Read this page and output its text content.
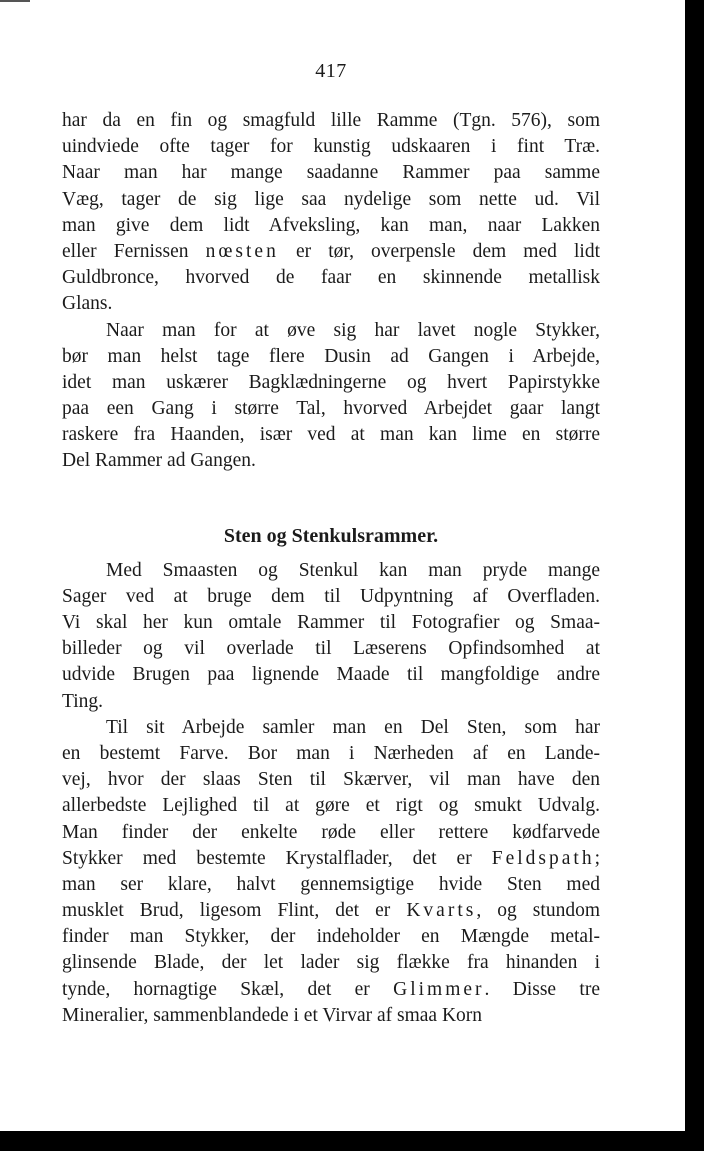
417
har da en fin og smagfuld lille Ramme (Tgn. 576), som
uindviede ofte tager for kunstig udskaaren i fint Træ.
Naar man har mange saadanne Rammer paa samme
Væg, tager de sig lige saa nydelige som nette ud. Vil
man give dem lidt Afveksling, kan man, naar Lakken
eller Fernissen nœsten er tør, overpensle dem med lidt
Guldbronce, hvorved de faar en skinnende metallisk
Glans.
Naar man for at øve sig har lavet nogle Stykker,
bør man helst tage flere Dusin ad Gangen i Arbejde,
idet man uskærer Bagklædningerne og hvert Papirstykke
paa een Gang i større Tal, hvorved Arbejdet gaar langt
raskere fra Haanden, især ved at man kan lime en større
Del Rammer ad Gangen.
Sten og Stenkulsrammer.
Med Smaasten og Stenkul kan man pryde mange
Sager ved at bruge dem til Udpyntning af Overfladen.
Vi skal her kun omtale Rammer til Fotografier og Smaa-
billeder og vil overlade til Læserens Opfindsomhed at
udvide Brugen paa lignende Maade til mangfoldige andre
Ting.
Til sit Arbejde samler man en Del Sten, som har
en bestemt Farve. Bor man i Nærheden af en Lande-
vej, hvor der slaas Sten til Skærver, vil man have den
allerbedste Lejlighed til at gøre et rigt og smukt Udvalg.
Man finder der enkelte røde eller rettere kødfarvede
Stykker med bestemte Krystalflader, det er Feldspath;
man ser klare, halvt gennemsigtige hvide Sten med
musklet Brud, ligesom Flint, det er Kvarts, og stundom
finder man Stykker, der indeholder en Mængde metal-
glinsende Blade, der let lader sig flække fra hinanden i
tynde, hornagtige Skæl, det er Glimmer. Disse tre
Mineralier, sammenblandede i et Virvar af smaa Korn
